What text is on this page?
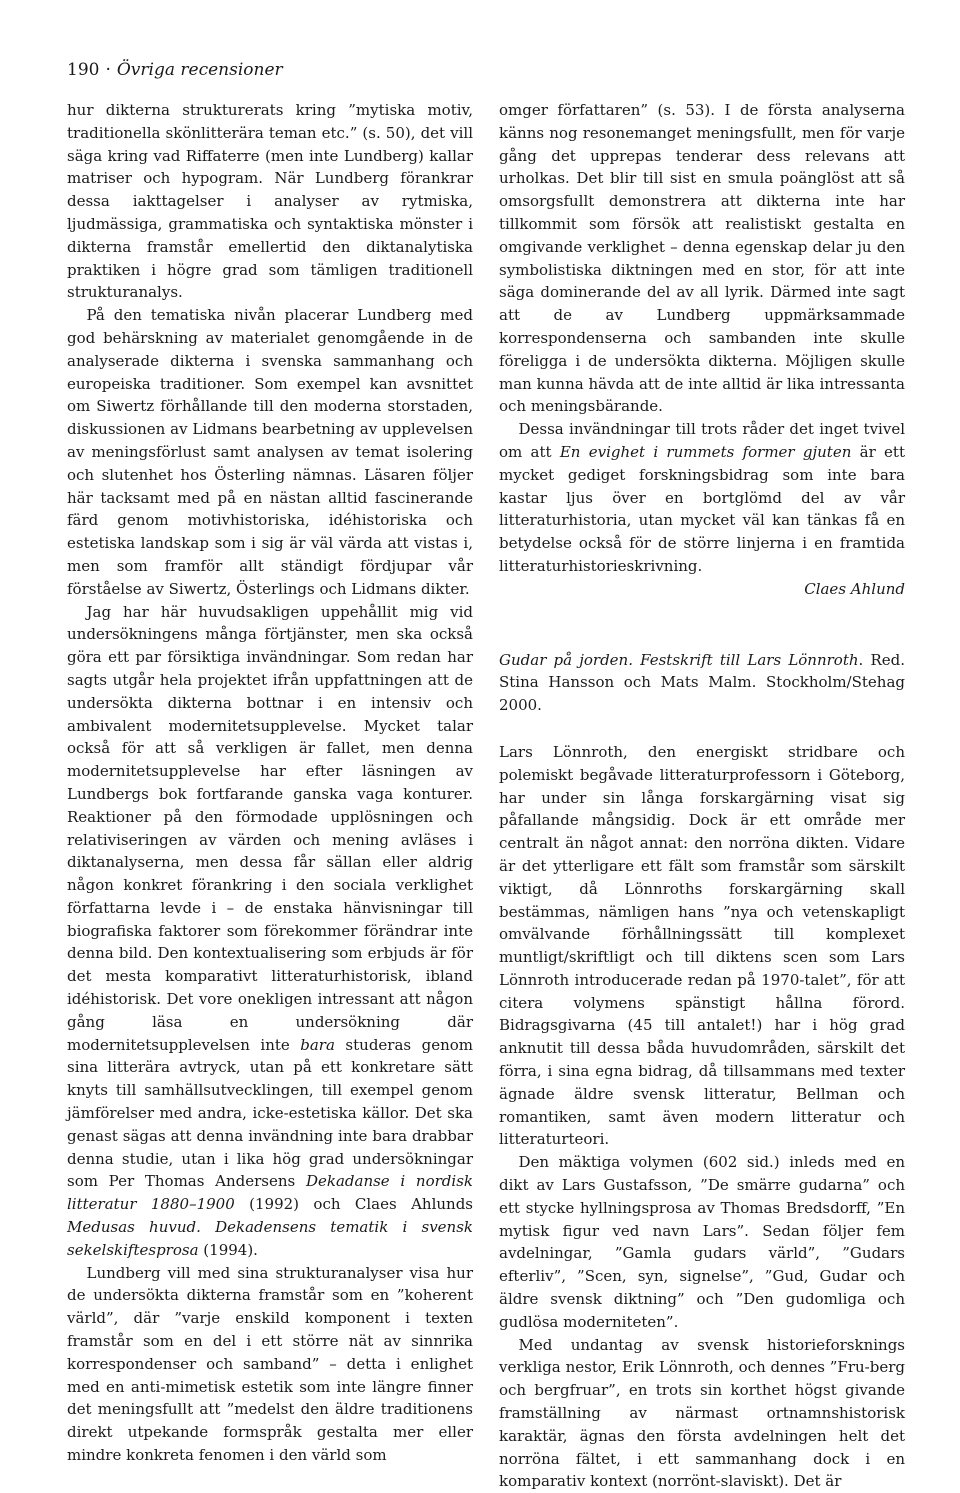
190 · Övriga recensioner

hur dikterna strukturerats kring ”mytiska motiv, traditionella skönlitterära teman etc.” (s. 50), det vill säga kring vad Riffaterre (men inte Lundberg) kallar matriser och hypogram. När Lundberg förankrar dessa iakttagelser i analyser av rytmiska, ljudmässiga, grammatiska och syntaktiska mönster i dikterna framstår emellertid den diktanalytiska praktiken i högre grad som tämligen traditionell strukturanalys.

På den tematiska nivån placerar Lundberg med god behärskning av materialet genomgående in de analyserade dikterna i svenska sammanhang och europeiska traditioner. Som exempel kan avsnittet om Siwertz förhållande till den moderna storstaden, diskussionen av Lidmans bearbetning av upplevelsen av meningsförlust samt analysen av temat isolering och slutenhet hos Österling nämnas. Läsaren följer här tacksamt med på en nästan alltid fascinerande färd genom motivhistoriska, idéhistoriska och estetiska landskap som i sig är väl värda att vistas i, men som framför allt ständigt fördjupar vår förståelse av Siwertz, Österlings och Lidmans dikter.

Jag har här huvudsakligen uppehållit mig vid undersökningens många förtjänster, men ska också göra ett par försiktiga invändningar. Som redan har sagts utgår hela projektet ifrån uppfattningen att de undersökta dikterna bottnar i en intensiv och ambivalent modernitetsupplevelse. Mycket talar också för att så verkligen är fallet, men denna modernitetsupplevelse har efter läsningen av Lundbergs bok fortfarande ganska vaga konturer. Reaktioner på den förmodade upplösningen och relativiseringen av värden och mening avläses i diktanalyserna, men dessa får sällan eller aldrig någon konkret förankring i den sociala verklighet författarna levde i – de enstaka hänvisningar till biografiska faktorer som förekommer förändrar inte denna bild. Den kontextualisering som erbjuds är för det mesta komparativt litteraturhistorisk, ibland idéhistorisk. Det vore onekligen intressant att någon gång läsa en undersökning där modernitetsupplevelsen inte bara studeras genom sina litterära avtryck, utan på ett konkretare sätt knyts till samhällsutvecklingen, till exempel genom jämförelser med andra, icke-estetiska källor. Det ska genast sägas att denna invändning inte bara drabbar denna studie, utan i lika hög grad undersökningar som Per Thomas Andersens Dekadanse i nordisk litteratur 1880–1900 (1992) och Claes Ahlunds Medusas huvud. Dekadensens tematik i svensk sekelskiftesprosa (1994).

Lundberg vill med sina strukturanalyser visa hur de undersökta dikterna framstår som en ”koherent värld”, där ”varje enskild komponent i texten framstår som en del i ett större nät av sinnrika korrespondenser och samband” – detta i enlighet med en anti-mimetisk estetik som inte längre finner det meningsfullt att ”medelst den äldre traditionens direkt utpekande formspråk gestalta mer eller mindre konkreta fenomen i den värld som

omger författaren” (s. 53). I de första analyserna känns nog resonemanget meningsfullt, men för varje gång det upprepas tenderar dess relevans att urholkas. Det blir till sist en smula poänglöst att så omsorgsfullt demonstrera att dikterna inte har tillkommit som försök att realistiskt gestalta en omgivande verklighet – denna egenskap delar ju den symbolistiska diktningen med en stor, för att inte säga dominerande del av all lyrik. Därmed inte sagt att de av Lundberg uppmärksammade korrespondenserna och sambanden inte skulle föreligga i de undersökta dikterna. Möjligen skulle man kunna hävda att de inte alltid är lika intressanta och meningsbärande.

Dessa invändningar till trots råder det inget tvivel om att En evighet i rummets former gjuten är ett mycket gediget forskningsbidrag som inte bara kastar ljus över en bortglömd del av vår litteraturhistoria, utan mycket väl kan tänkas få en betydelse också för de större linjerna i en framtida litteraturhistorieskrivning.

Claes Ahlund

Gudar på jorden. Festskrift till Lars Lönnroth. Red. Stina Hansson och Mats Malm. Stockholm/Stehag 2000.

Lars Lönnroth, den energiskt stridbare och polemiskt begåvade litteraturprofessorn i Göteborg, har under sin långa forskargärning visat sig påfallande mångsidig. Dock är ett område mer centralt än något annat: den norröna dikten. Vidare är det ytterligare ett fält som framstår som särskilt viktigt, då Lönnroths forskargärning skall bestämmas, nämligen hans ”nya och vetenskapligt omvälvande förhållningssätt till komplexet muntligt/skriftligt och till diktens scen som Lars Lönnroth introducerade redan på 1970-talet”, för att citera volymens spänstigt hållna förord. Bidragsgivarna (45 till antalet!) har i hög grad anknutit till dessa båda huvudområden, särskilt det förra, i sina egna bidrag, då tillsammans med texter ägnade äldre svensk litteratur, Bellman och romantiken, samt även modern litteratur och litteraturteori.

Den mäktiga volymen (602 sid.) inleds med en dikt av Lars Gustafsson, ”De smärre gudarna” och ett stycke hyllningsprosa av Thomas Bredsdorff, ”En mytisk figur ved navn Lars”. Sedan följer fem avdelningar, ”Gamla gudars värld”, ”Gudars efterliv”, ”Scen, syn, signelse”, ”Gud, Gudar och äldre svensk diktning” och ”Den gudomliga och gudlösa moderniteten”.

Med undantag av svensk historieforsknings verkliga nestor, Erik Lönnroth, och dennes ”Fru-berg och bergfruar”, en trots sin korthet högst givande framställning av närmast ortnamnshistorisk karaktär, ägnas den första avdelningen helt det norröna fältet, i ett sammanhang dock i en komparativ kontext (norrönt-slaviskt). Det är
